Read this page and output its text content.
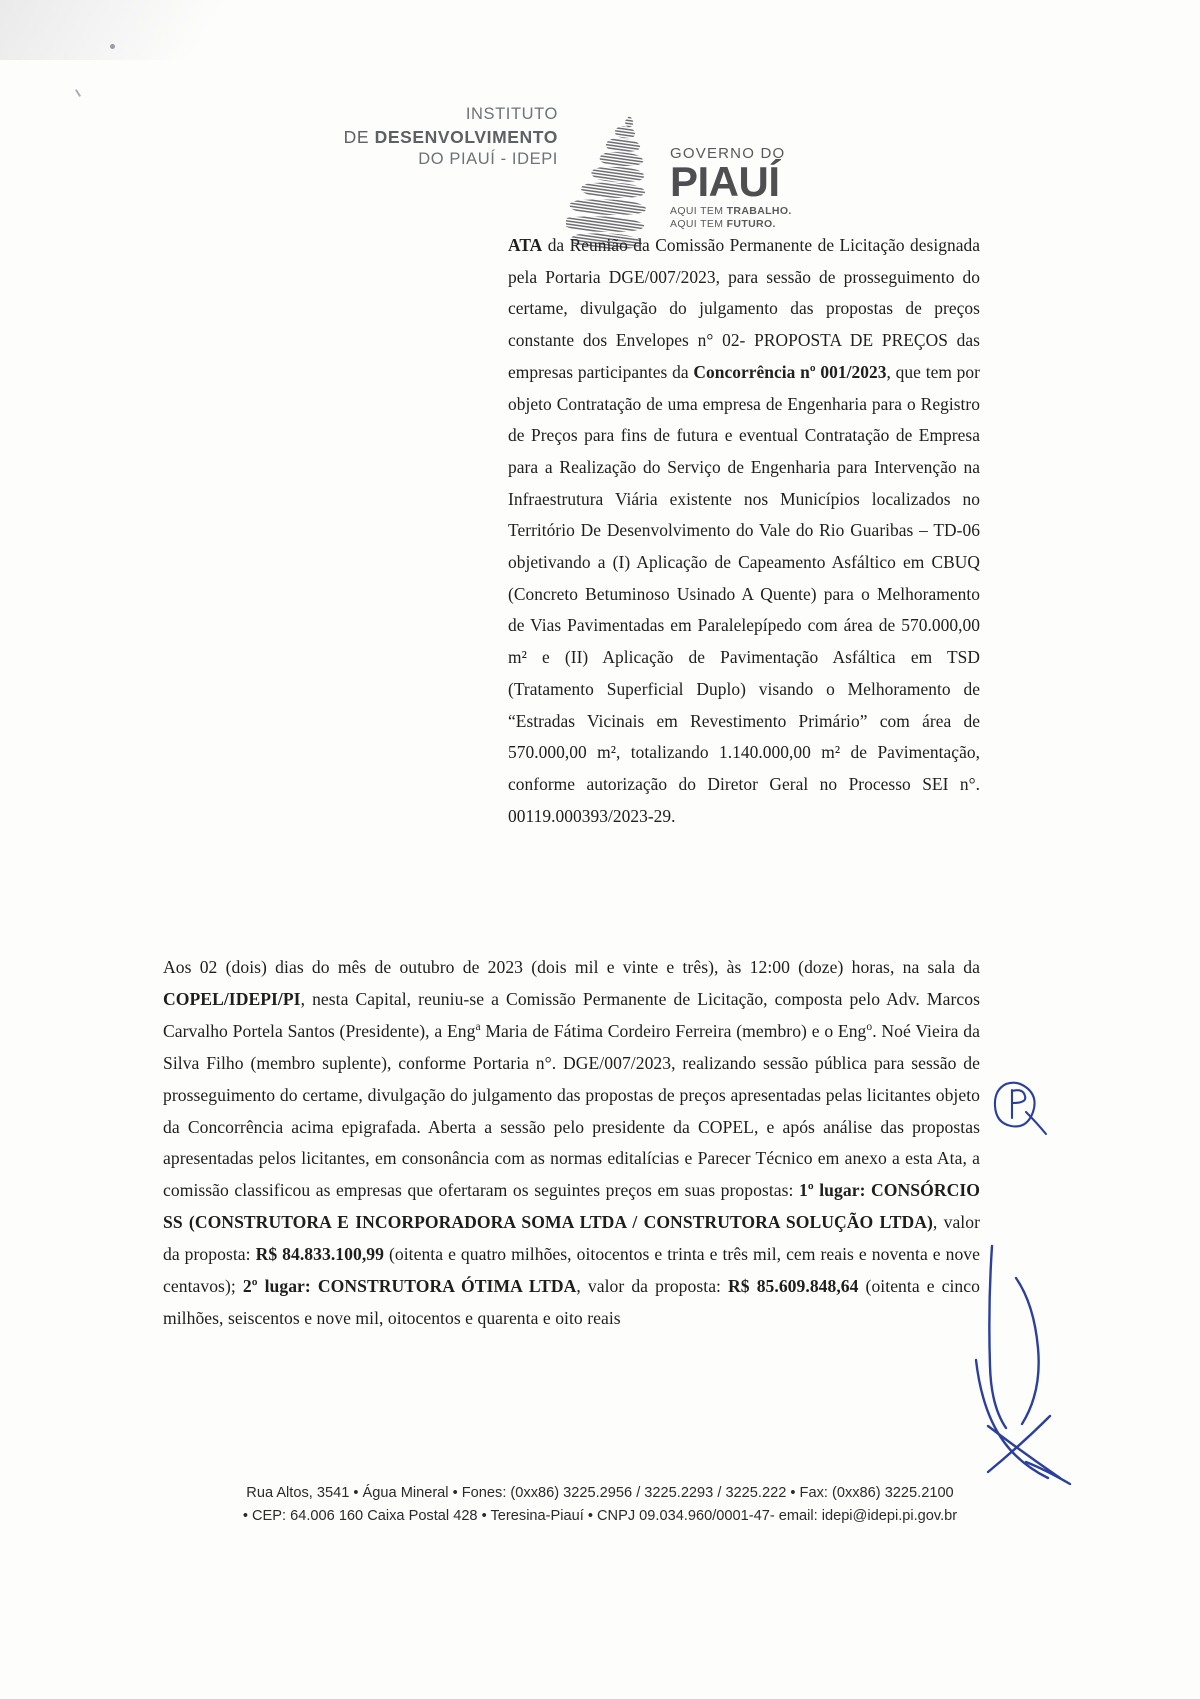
INSTITUTO
DE DESENVOLVIMENTO
DO PIAUÍ - IDEPI	GOVERNO DO
PIAUÍ
AQUI TEM TRABALHO.
AQUI TEM FUTURO.
ATA da Reunião da Comissão Permanente de Licitação designada pela Portaria DGE/007/2023, para sessão de prosseguimento do certame, divulgação do julgamento das propostas de preços constante dos Envelopes n° 02- PROPOSTA DE PREÇOS das empresas participantes da Concorrência nº 001/2023, que tem por objeto Contratação de uma empresa de Engenharia para o Registro de Preços para fins de futura e eventual Contratação de Empresa para a Realização do Serviço de Engenharia para Intervenção na Infraestrutura Viária existente nos Municípios localizados no Território De Desenvolvimento do Vale do Rio Guaribas – TD-06 objetivando a (I) Aplicação de Capeamento Asfáltico em CBUQ (Concreto Betuminoso Usinado A Quente) para o Melhoramento de Vias Pavimentadas em Paralelepípedo com área de 570.000,00 m² e (II) Aplicação de Pavimentação Asfáltica em TSD (Tratamento Superficial Duplo) visando o Melhoramento de “Estradas Vicinais em Revestimento Primário” com área de 570.000,00 m², totalizando 1.140.000,00 m² de Pavimentação, conforme autorização do Diretor Geral no Processo SEI n°. 00119.000393/2023-29.
Aos 02 (dois) dias do mês de outubro de 2023 (dois mil e vinte e três), às 12:00 (doze) horas, na sala da COPEL/IDEPI/PI, nesta Capital, reuniu-se a Comissão Permanente de Licitação, composta pelo Adv. Marcos Carvalho Portela Santos (Presidente), a Eng$^a$ Maria de Fátima Cordeiro Ferreira (membro) e o Eng$^o$. Noé Vieira da Silva Filho (membro suplente), conforme Portaria n°. DGE/007/2023, realizando sessão pública para sessão de prosseguimento do certame, divulgação do julgamento das propostas de preços apresentadas pelas licitantes objeto da Concorrência acima epigrafada. Aberta a sessão pelo presidente da COPEL, e após análise das propostas apresentadas pelos licitantes, em consonância com as normas editalícias e Parecer Técnico em anexo a esta Ata, a comissão classificou as empresas que ofertaram os seguintes preços em suas propostas: 1º lugar: CONSÓRCIO SS (CONSTRUTORA E INCORPORADORA SOMA LTDA / CONSTRUTORA SOLUÇÃO LTDA), valor da proposta: R$ 84.833.100,99 (oitenta e quatro milhões, oitocentos e trinta e três mil, cem reais e noventa e nove centavos); 2º lugar: CONSTRUTORA ÓTIMA LTDA, valor da proposta: R$ 85.609.848,64 (oitenta e cinco milhões, seiscentos e nove mil, oitocentos e quarenta e oito reais
Rua Altos, 3541 • Água Mineral • Fones: (0xx86) 3225.2956 / 3225.2293 / 3225.222 • Fax: (0xx86) 3225.2100
• CEP: 64.006 160 Caixa Postal 428 • Teresina-Piauí • CNPJ 09.034.960/0001-47- email: idepi@idepi.pi.gov.br
